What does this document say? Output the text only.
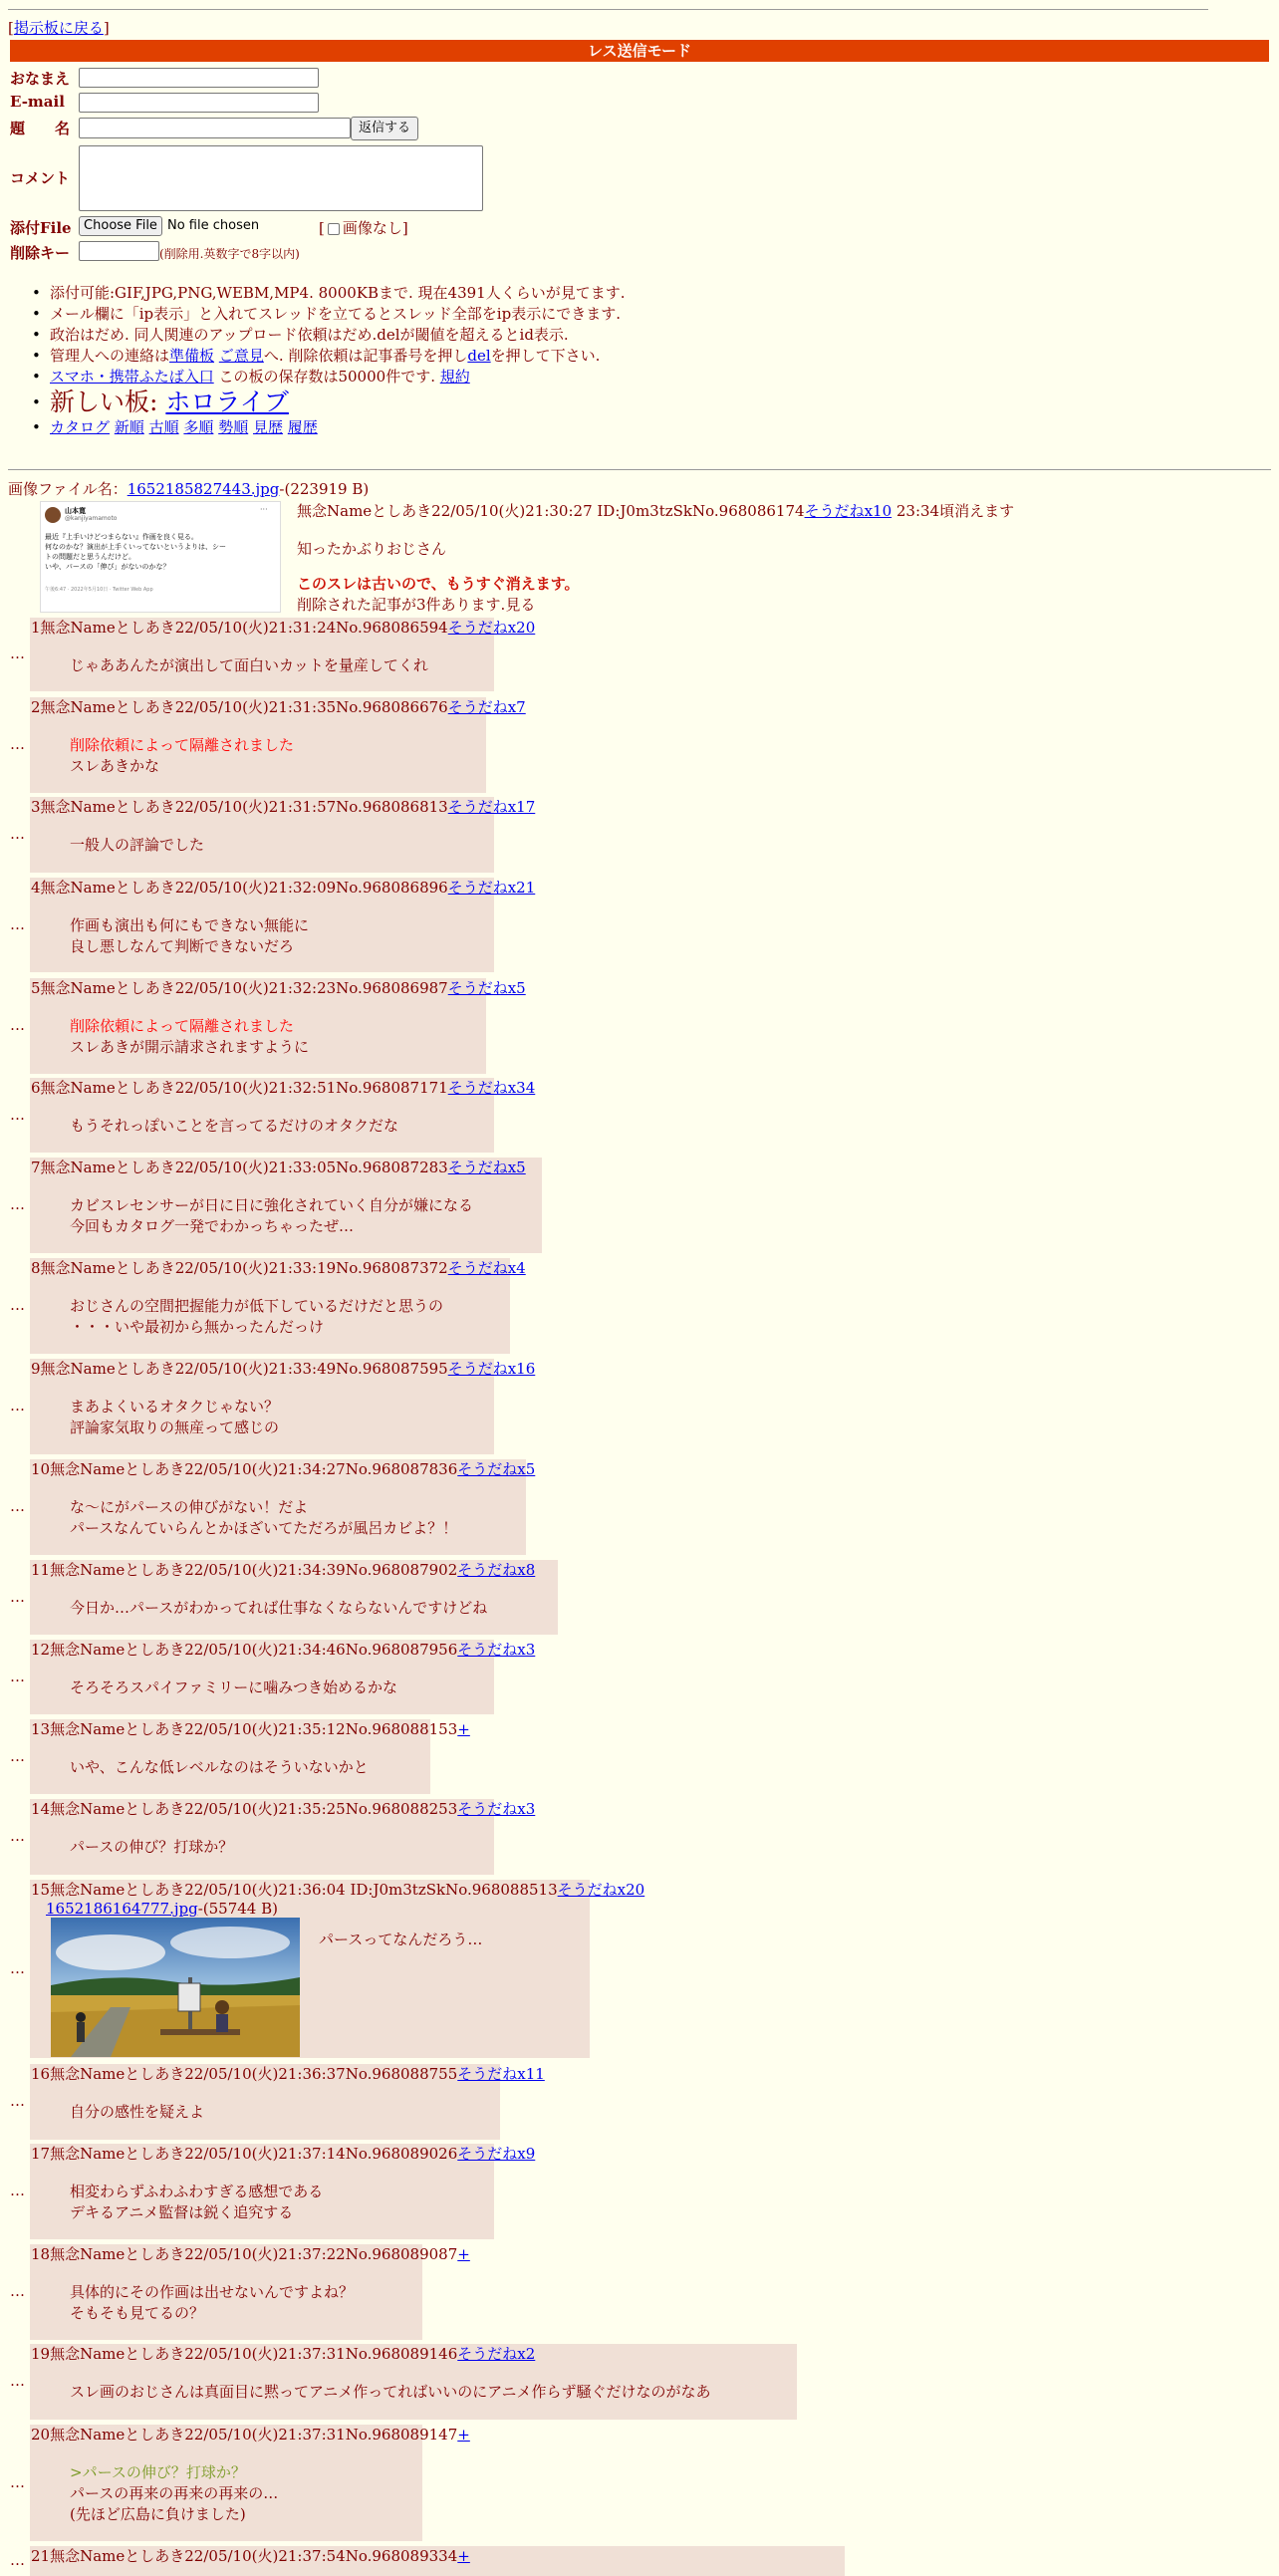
[掲示板に戻る]
レス送信モード
おなまえ
E-mail
題　　名	返信する
コメント
添付File Choose File No file chosen	[ 画像なし]
削除キー	(削除用.英数字で8字以内)
• 添付可能:GIF,JPG,PNG,WEBM,MP4. 8000KBまで. 現在4391人くらいが見てます.
• メール欄に「ip表示」と入れてスレッドを立てるとスレッド全部をip表示にできます.
• 政治はだめ. 同人関連のアップロード依頼はだめ.delが閾値を超えるとid表示.
• 管理人への連絡は準備板 ご意見へ. 削除依頼は記事番号を押しdelを押して下さい.
• スマホ・携帯ふたば入口 この板の保存数は50000件です. 規約
• 新しい板: ホロライブ
• カタログ 新順 古順 多順 勢順 見歴 履歴
画像ファイル名：1652185827443.jpg-(223919 B)
山本寛
@kanjiyamamoto
···
最近『上手いけどつまらない』作画を良く見る。
何なのかな？演出が上手くいってないというよりは、シー
トの問題だと思うんだけど。
いや、パースの「伸び」がないのかな？
午後6:47 · 2022年5月10日 · Twitter Web App
無念Nameとしあき22/05/10(火)21:30:27 ID:J0m3tzSkNo.968086174そうだねx10 23:34頃消えます
知ったかぶりおじさん
このスレは古いので、もうすぐ消えます。
削除された記事が3件あります.見る
…
1無念Nameとしあき22/05/10(火)21:31:24No.968086594そうだねx20
じゃああんたが演出して面白いカットを量産してくれ
…
2無念Nameとしあき22/05/10(火)21:31:35No.968086676そうだねx7
削除依頼によって隔離されました
スレあきかな
…
3無念Nameとしあき22/05/10(火)21:31:57No.968086813そうだねx17
一般人の評論でした
…
4無念Nameとしあき22/05/10(火)21:32:09No.968086896そうだねx21
作画も演出も何にもできない無能に
良し悪しなんて判断できないだろ
…
5無念Nameとしあき22/05/10(火)21:32:23No.968086987そうだねx5
削除依頼によって隔離されました
スレあきが開示請求されますように
…
6無念Nameとしあき22/05/10(火)21:32:51No.968087171そうだねx34
もうそれっぽいことを言ってるだけのオタクだな
…
7無念Nameとしあき22/05/10(火)21:33:05No.968087283そうだねx5
カビスレセンサーが日に日に強化されていく自分が嫌になる
今回もカタログ一発でわかっちゃったぜ…
…
8無念Nameとしあき22/05/10(火)21:33:19No.968087372そうだねx4
おじさんの空間把握能力が低下しているだけだと思うの
・・・いや最初から無かったんだっけ
…
9無念Nameとしあき22/05/10(火)21:33:49No.968087595そうだねx16
まあよくいるオタクじゃない？
評論家気取りの無産って感じの
…
10無念Nameとしあき22/05/10(火)21:34:27No.968087836そうだねx5
な～にがパースの伸びがない！だよ
パースなんていらんとかほざいてただろが風呂カビよ？！
…
11無念Nameとしあき22/05/10(火)21:34:39No.968087902そうだねx8
今日か…パースがわかってれば仕事なくならないんですけどね
…
12無念Nameとしあき22/05/10(火)21:34:46No.968087956そうだねx3
そろそろスパイファミリーに噛みつき始めるかな
…
13無念Nameとしあき22/05/10(火)21:35:12No.968088153+
いや、こんな低レベルなのはそういないかと
…
14無念Nameとしあき22/05/10(火)21:35:25No.968088253そうだねx3
パースの伸び？打球か？
…
15無念Nameとしあき22/05/10(火)21:36:04 ID:J0m3tzSkNo.968088513そうだねx20
1652186164777.jpg-(55744 B)
パースってなんだろう…
…
16無念Nameとしあき22/05/10(火)21:36:37No.968088755そうだねx11
自分の感性を疑えよ
…
17無念Nameとしあき22/05/10(火)21:37:14No.968089026そうだねx9
相変わらずふわふわすぎる感想である
デキるアニメ監督は鋭く追究する
…
18無念Nameとしあき22/05/10(火)21:37:22No.968089087+
具体的にその作画は出せないんですよね？
そもそも見てるの？
…
19無念Nameとしあき22/05/10(火)21:37:31No.968089146そうだねx2
スレ画のおじさんは真面目に黙ってアニメ作ってればいいのにアニメ作らず騒ぐだけなのがなあ
…
20無念Nameとしあき22/05/10(火)21:37:31No.968089147+
>パースの伸び？打球か？
パースの再来の再来の再来の…
(先ほど広島に負けました)
… 21無念Nameとしあき22/05/10(火)21:37:54No.968089334+
